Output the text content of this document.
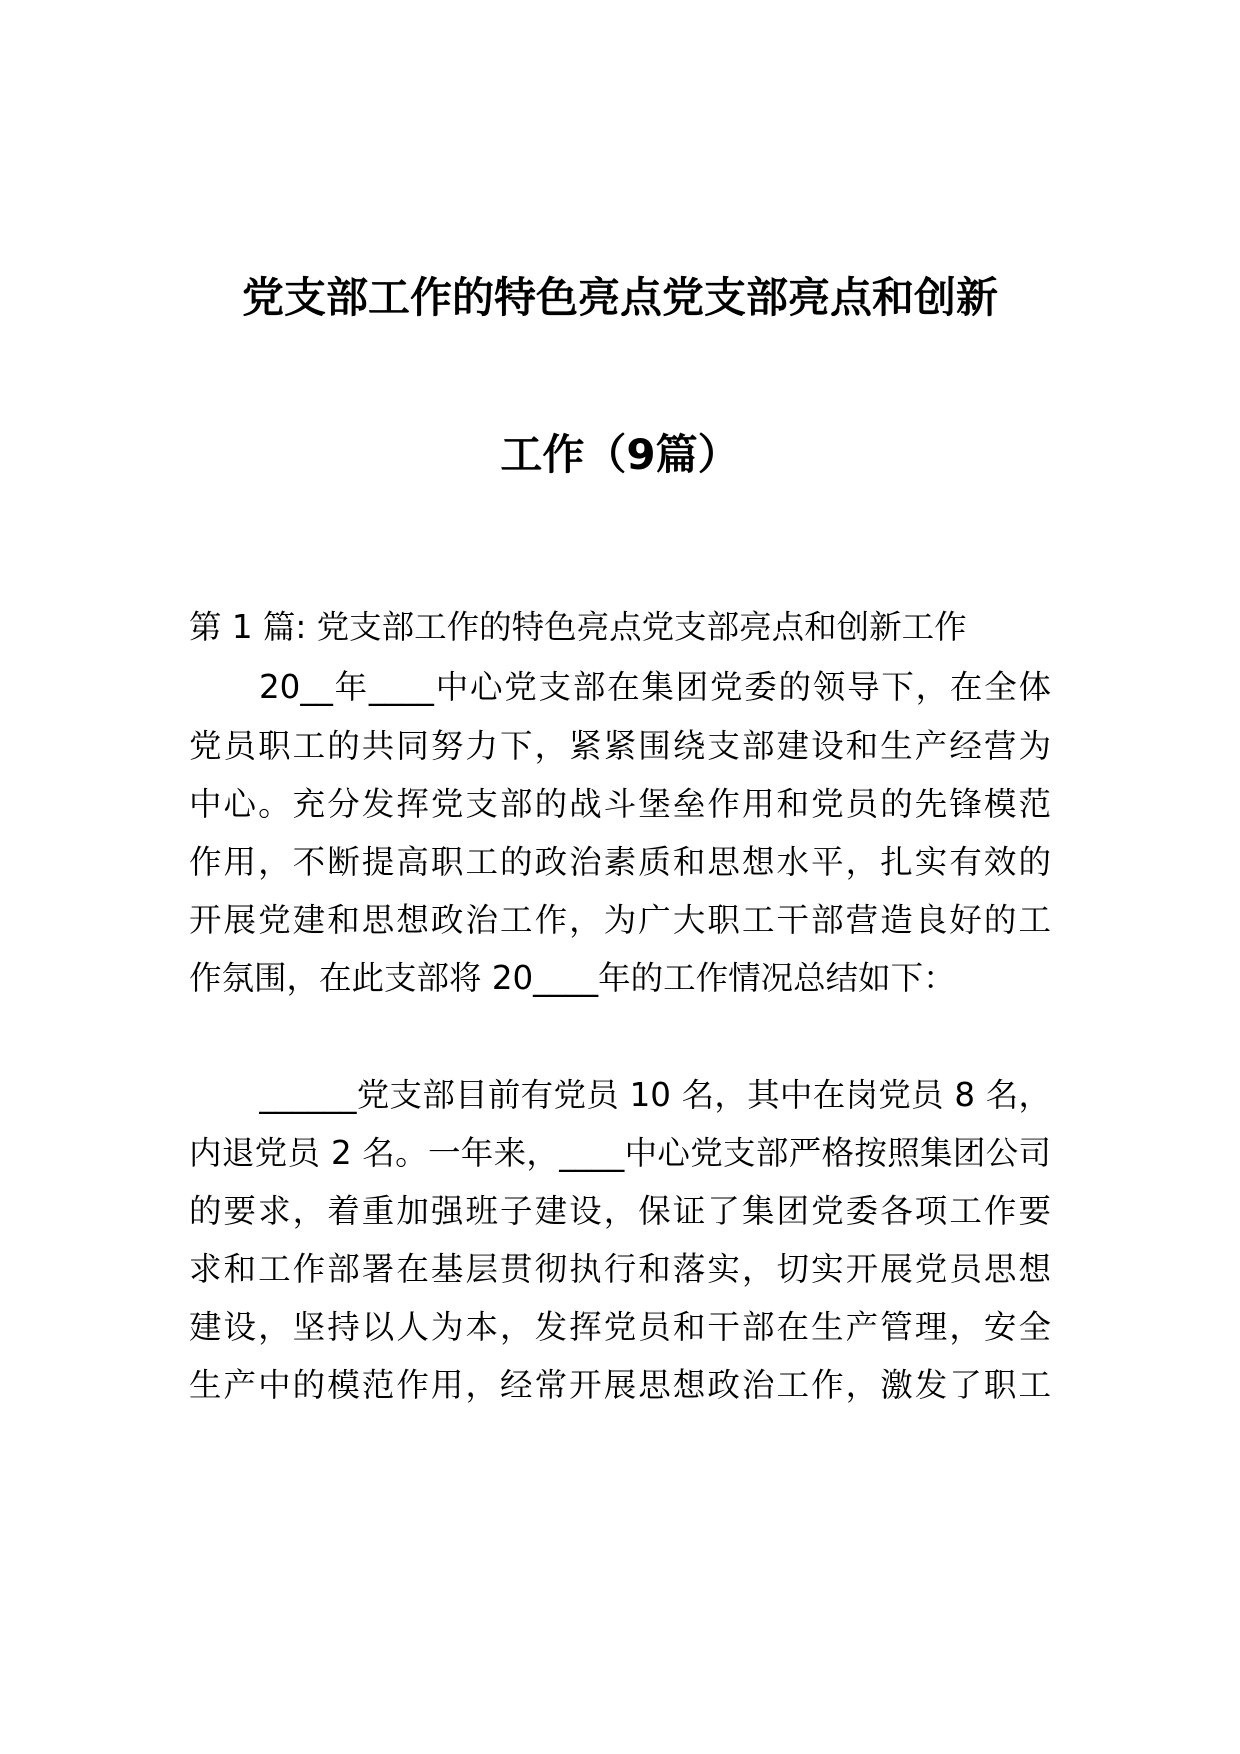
党支部工作的特色亮点党支部亮点和创新
工作（9篇）
第 1 篇: 党支部工作的特色亮点党支部亮点和创新工作
20__年____中心党支部在集团党委的领导下，在全体
党员职工的共同努力下，紧紧围绕支部建设和生产经营为
中心。充分发挥党支部的战斗堡垒作用和党员的先锋模范
作用，不断提高职工的政治素质和思想水平，扎实有效的
开展党建和思想政治工作，为广大职工干部营造良好的工
作氛围，在此支部将 20____年的工作情况总结如下：
______党支部目前有党员 10 名，其中在岗党员 8 名，
内退党员 2 名。一年来，____中心党支部严格按照集团公司
的要求，着重加强班子建设，保证了集团党委各项工作要
求和工作部署在基层贯彻执行和落实，切实开展党员思想
建设，坚持以人为本，发挥党员和干部在生产管理，安全
生产中的模范作用，经常开展思想政治工作，激发了职工
